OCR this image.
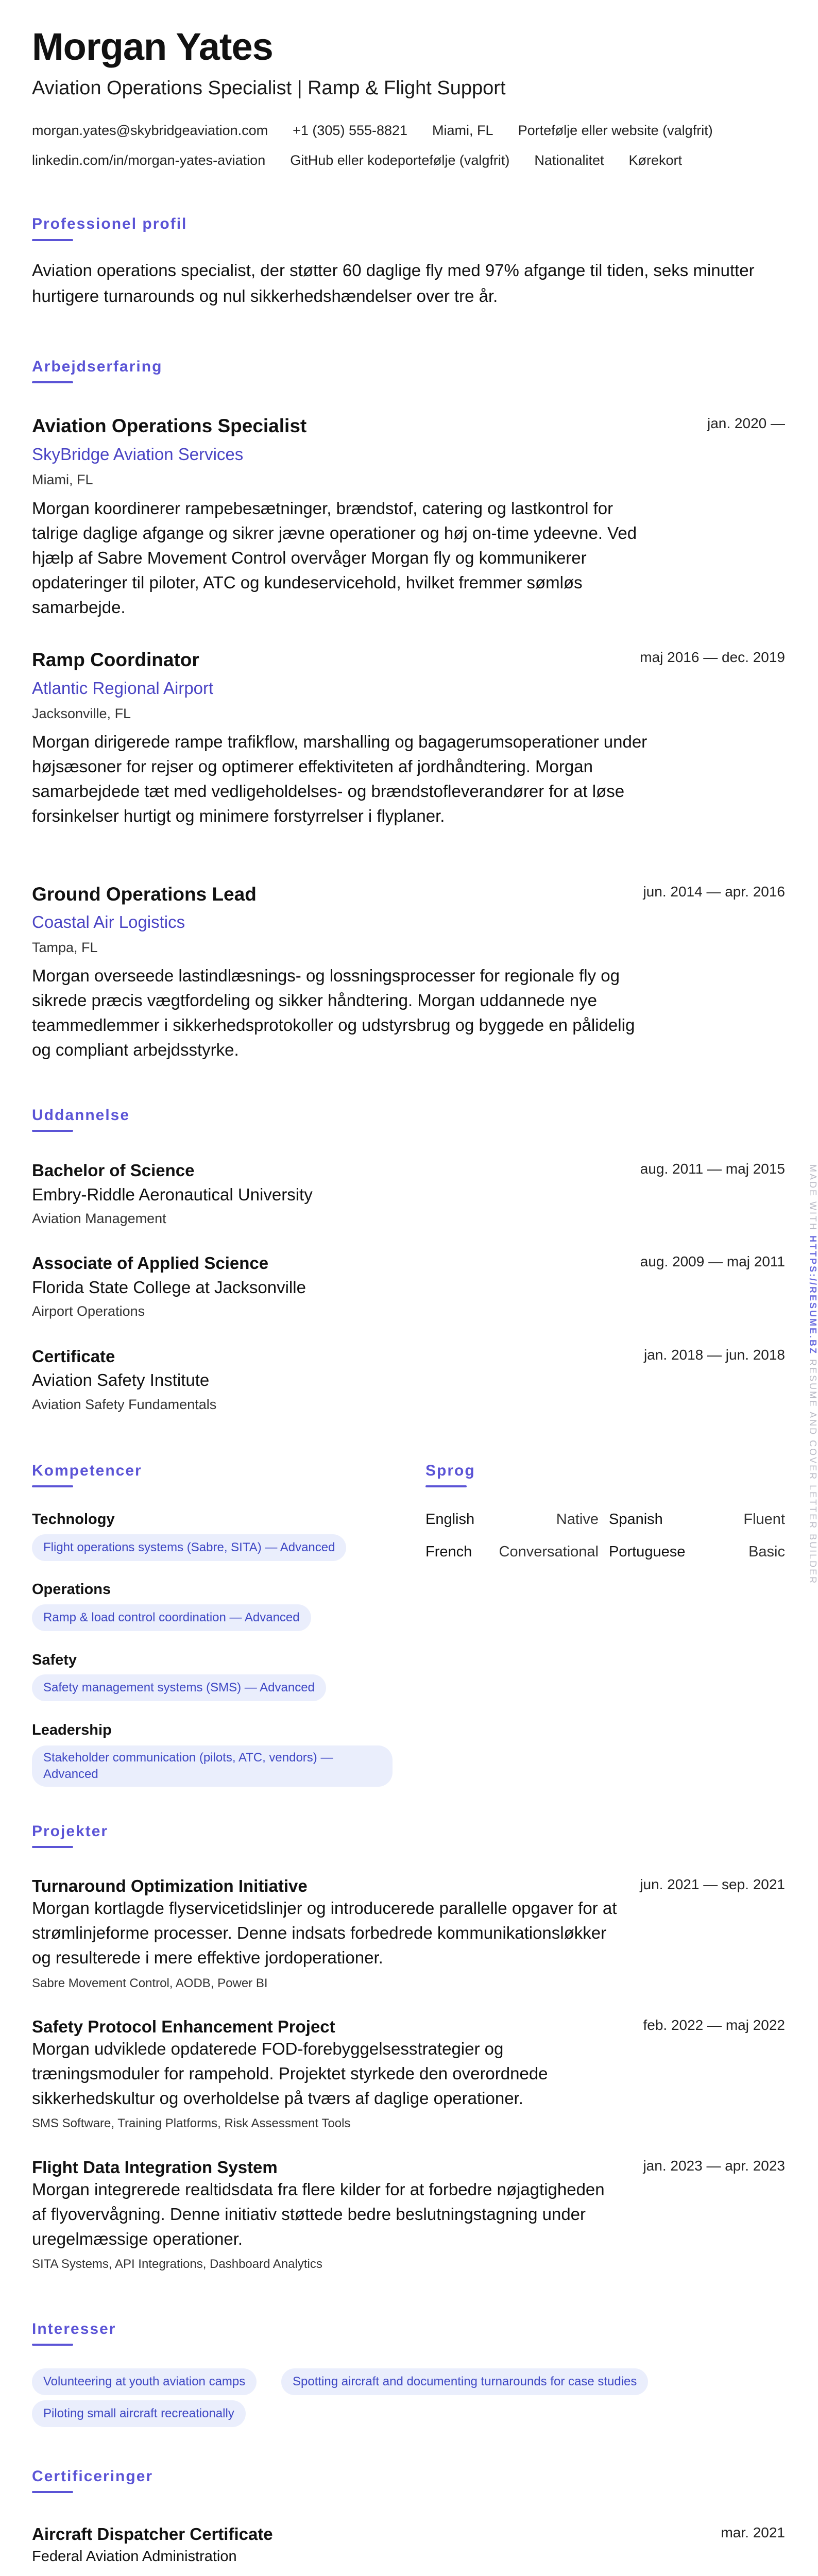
Morgan Yates
Aviation Operations Specialist | Ramp & Flight Support
morgan.yates@skybridgeaviation.com +1 (305) 555-8821 Miami, FL Portefølje eller website (valgfrit)
linkedin.com/in/morgan-yates-aviation GitHub eller kodeportefølje (valgfrit) Nationalitet Kørekort
Professionel profil
Aviation operations specialist, der støtter 60 daglige fly med 97% afgange til tiden, seks minutter hurtigere turnarounds og nul sikkerhedshændelser over tre år.
Arbejdserfaring
Aviation Operations Specialist	jan. 2020 —
SkyBridge Aviation Services
Miami, FL
Morgan koordinerer rampebesætninger, brændstof, catering og lastkontrol for talrige daglige afgange og sikrer jævne operationer og høj on-time ydeevne. Ved hjælp af Sabre Movement Control overvåger Morgan fly og kommunikerer opdateringer til piloter, ATC og kundeservicehold, hvilket fremmer sømløs samarbejde.
Ramp Coordinator	maj 2016 — dec. 2019
Atlantic Regional Airport
Jacksonville, FL
Morgan dirigerede rampe trafikflow, marshalling og bagagerumsoperationer under højsæsoner for rejser og optimerer effektiviteten af jordhåndtering. Morgan samarbejdede tæt med vedligeholdelses- og brændstofleverandører for at løse forsinkelser hurtigt og minimere forstyrrelser i flyplaner.
Ground Operations Lead	jun. 2014 — apr. 2016
Coastal Air Logistics
Tampa, FL
Morgan overseede lastindlæsnings- og lossningsprocesser for regionale fly og sikrede præcis vægtfordeling og sikker håndtering. Morgan uddannede nye teammedlemmer i sikkerhedsprotokoller og udstyrsbrug og byggede en pålidelig og compliant arbejdsstyrke.
Uddannelse
Bachelor of Science	aug. 2011 — maj 2015
Embry-Riddle Aeronautical University
Aviation Management
Associate of Applied Science	aug. 2009 — maj 2011
Florida State College at Jacksonville
Airport Operations
Certificate	jan. 2018 — jun. 2018
Aviation Safety Institute
Aviation Safety Fundamentals
Kompetencer
Technology
Flight operations systems (Sabre, SITA) — Advanced
Operations
Ramp & load control coordination — Advanced
Safety
Safety management systems (SMS) — Advanced
Leadership
Stakeholder communication (pilots, ATC, vendors) —
Advanced
Sprog
English	Native Spanish	Fluent
French	Conversational Portuguese	Basic
Projekter
Turnaround Optimization Initiative	jun. 2021 — sep. 2021
Morgan kortlagde flyservicetidslinjer og introducerede parallelle opgaver for at strømlinjeforme processer. Denne indsats forbedrede kommunikationsløkker og resulterede i mere effektive jordoperationer.
Sabre Movement Control, AODB, Power BI
Safety Protocol Enhancement Project	feb. 2022 — maj 2022
Morgan udviklede opdaterede FOD-forebyggelsesstrategier og træningsmoduler for rampehold. Projektet styrkede den overordnede sikkerhedskultur og overholdelse på tværs af daglige operationer.
SMS Software, Training Platforms, Risk Assessment Tools
Flight Data Integration System	jan. 2023 — apr. 2023
Morgan integrerede realtidsdata fra flere kilder for at forbedre nøjagtigheden af flyovervågning. Denne initiativ støttede bedre beslutningstagning under uregelmæssige operationer.
SITA Systems, API Integrations, Dashboard Analytics
Interesser
Volunteering at youth aviation camps	Spotting aircraft and documenting turnarounds for case studies
Piloting small aircraft recreationally
Certificeringer
Aircraft Dispatcher Certificate	mar. 2021
Federal Aviation Administration
MADE WITH HTTPS://RESUME.BZ RESUME AND COVER LETTER BUILDER
